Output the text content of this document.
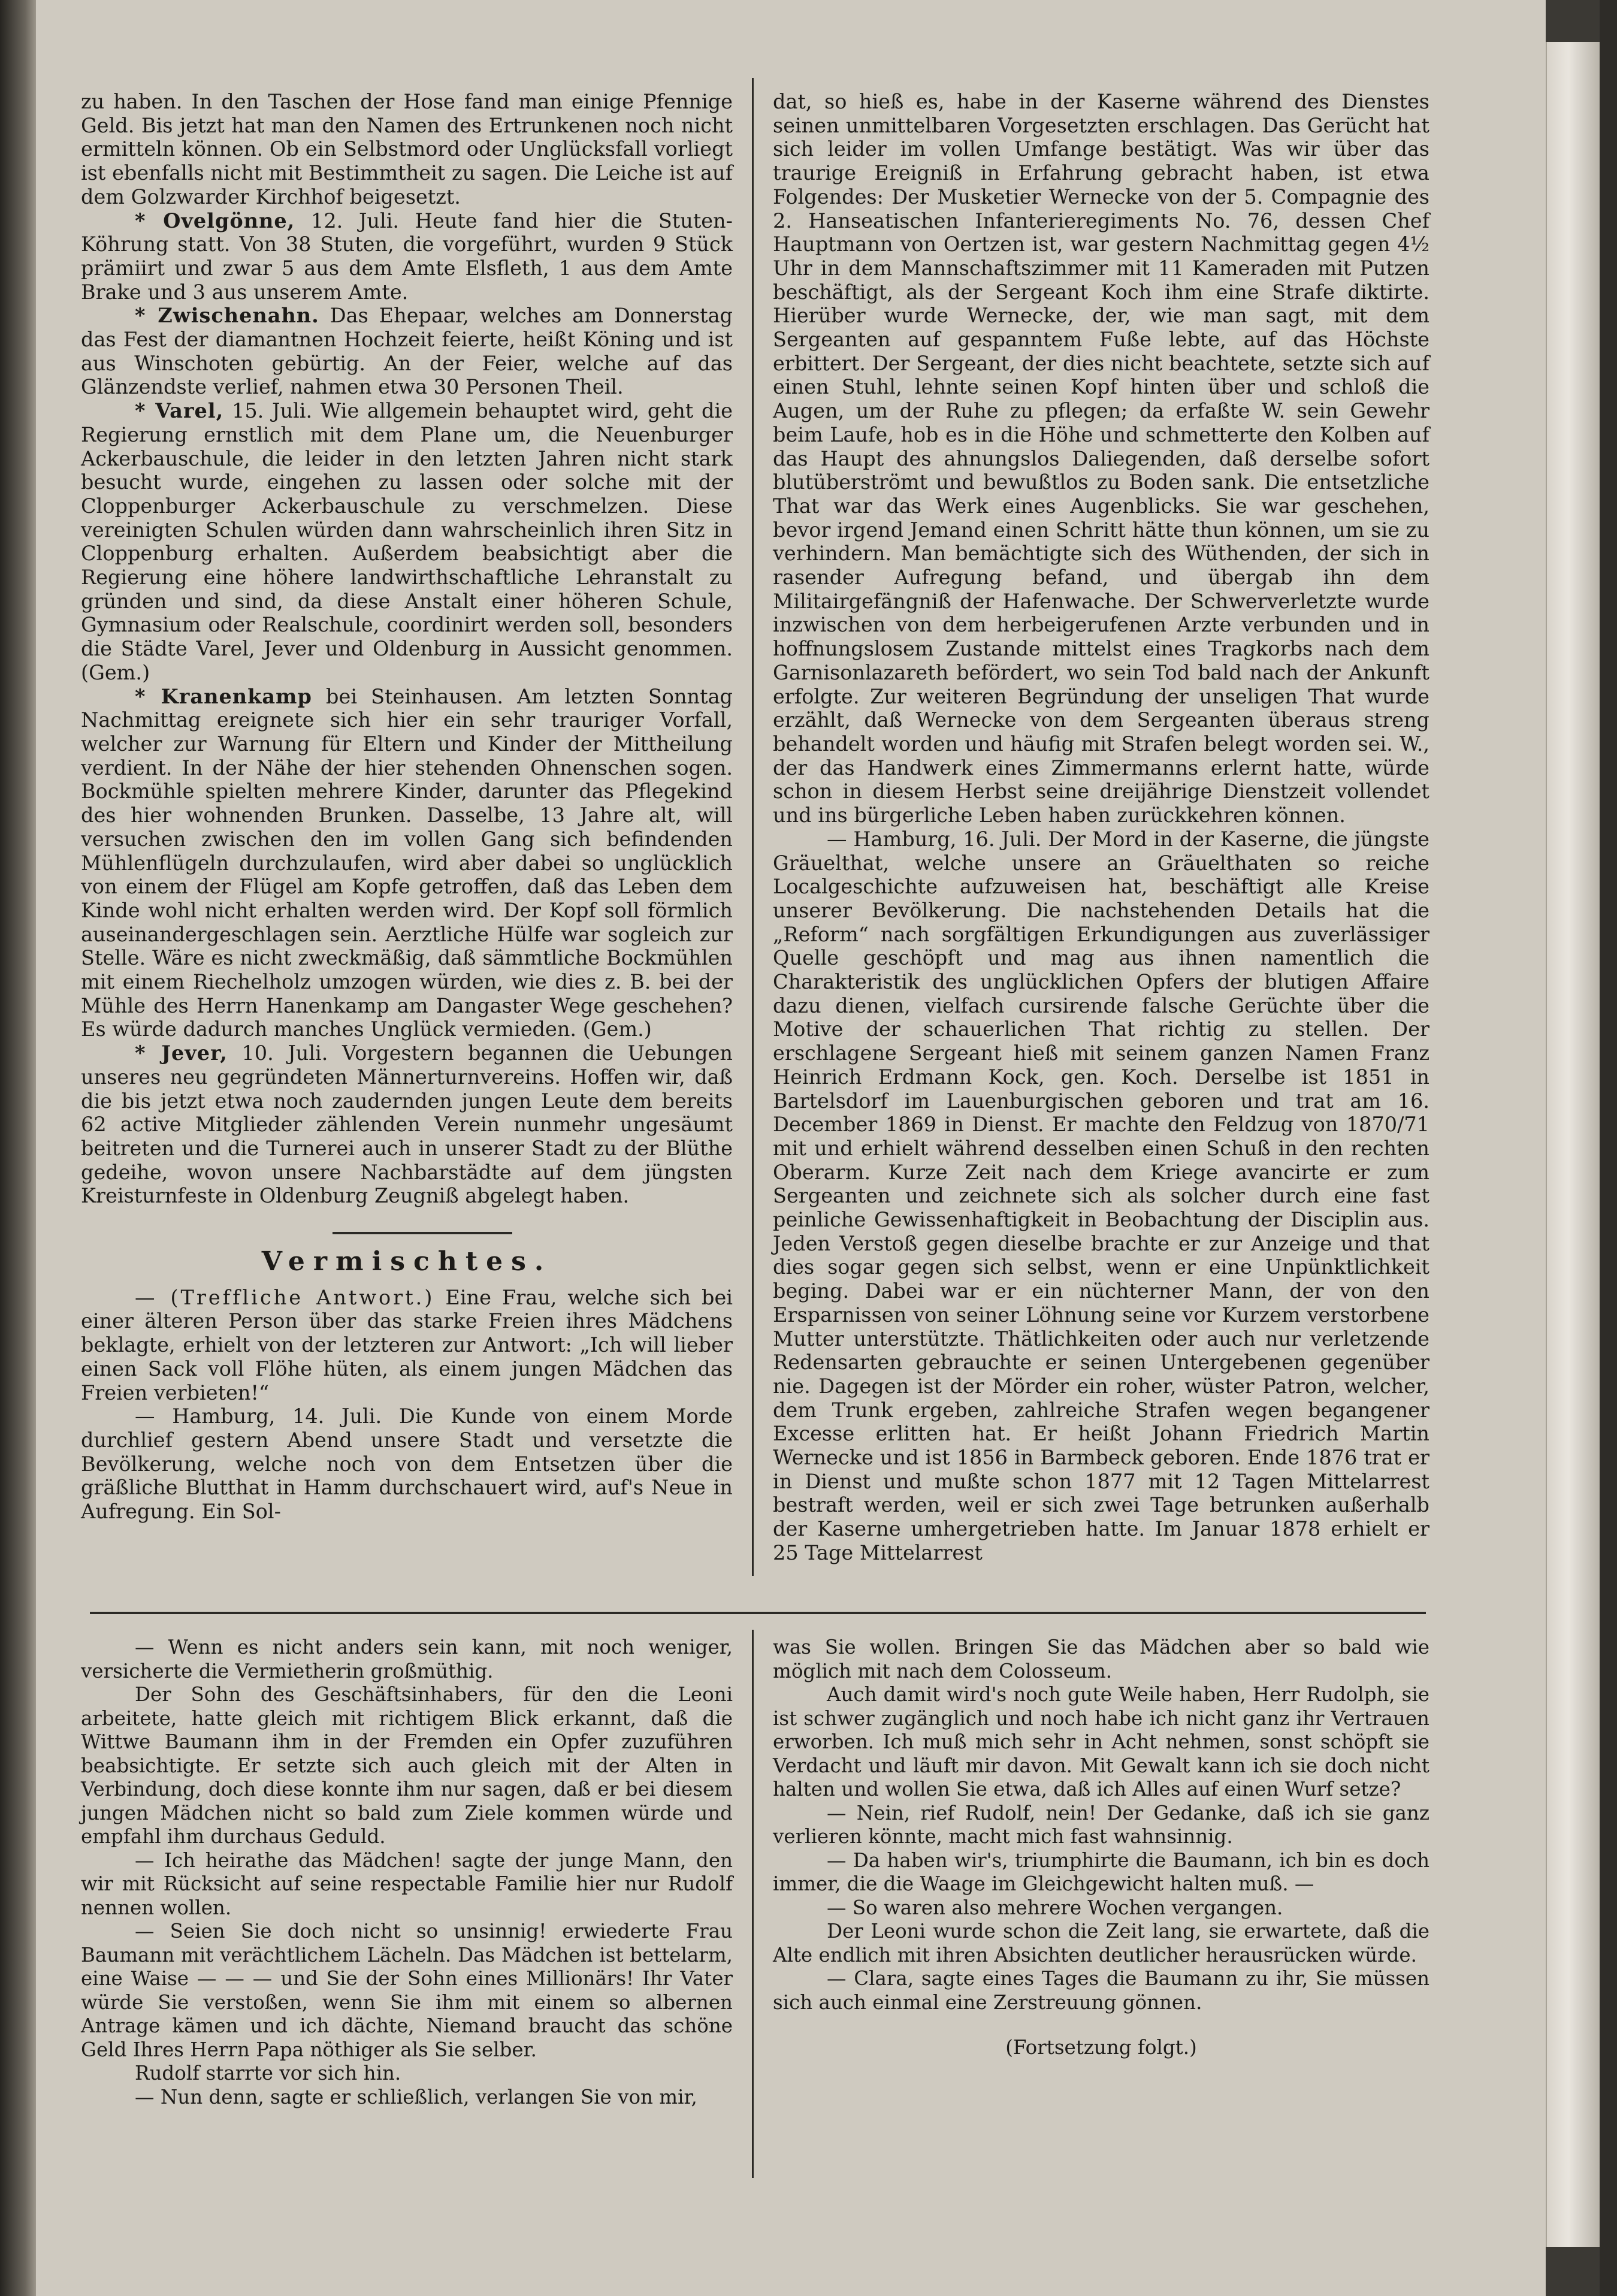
zu haben. In den Taschen der Hose fand man einige Pfennige Geld. Bis jetzt hat man den Namen des Ertrunkenen noch nicht ermitteln können. Ob ein Selbstmord oder Unglücksfall vorliegt ist ebenfalls nicht mit Bestimmtheit zu sagen. Die Leiche ist auf dem Golzwarder Kirchhof beigesetzt.

* Ovelgönne, 12. Juli. Heute fand hier die Stuten-Köhrung statt. Von 38 Stuten, die vorgeführt, wurden 9 Stück prämiirt und zwar 5 aus dem Amte Elsfleth, 1 aus dem Amte Brake und 3 aus unserem Amte.

* Zwischenahn. Das Ehepaar, welches am Donnerstag das Fest der diamantnen Hochzeit feierte, heißt Köning und ist aus Winschoten gebürtig. An der Feier, welche auf das Glänzendste verlief, nahmen etwa 30 Personen Theil.

* Varel, 15. Juli. Wie allgemein behauptet wird, geht die Regierung ernstlich mit dem Plane um, die Neuenburger Ackerbauschule, die leider in den letzten Jahren nicht stark besucht wurde, eingehen zu lassen oder solche mit der Cloppenburger Ackerbauschule zu verschmelzen. Diese vereinigten Schulen würden dann wahrscheinlich ihren Sitz in Cloppenburg erhalten. Außerdem beabsichtigt aber die Regierung eine höhere landwirthschaftliche Lehranstalt zu gründen und sind, da diese Anstalt einer höheren Schule, Gymnasium oder Realschule, coordinirt werden soll, besonders die Städte Varel, Jever und Oldenburg in Aussicht genommen. (Gem.)

* Kranenkamp bei Steinhausen. Am letzten Sonntag Nachmittag ereignete sich hier ein sehr trauriger Vorfall, welcher zur Warnung für Eltern und Kinder der Mittheilung verdient. In der Nähe der hier stehenden Ohnenschen sogen. Bockmühle spielten mehrere Kinder, darunter das Pflegekind des hier wohnenden Brunken. Dasselbe, 13 Jahre alt, will versuchen zwischen den im vollen Gang sich befindenden Mühlenflügeln durchzulaufen, wird aber dabei so unglücklich von einem der Flügel am Kopfe getroffen, daß das Leben dem Kinde wohl nicht erhalten werden wird. Der Kopf soll förmlich auseinandergeschlagen sein. Aerztliche Hülfe war sogleich zur Stelle. Wäre es nicht zweckmäßig, daß sämmtliche Bockmühlen mit einem Riechelholz umzogen würden, wie dies z. B. bei der Mühle des Herrn Hanenkamp am Dangaster Wege geschehen? Es würde dadurch manches Unglück vermieden. (Gem.)

* Jever, 10. Juli. Vorgestern begannen die Uebungen unseres neu gegründeten Männerturnvereins. Hoffen wir, daß die bis jetzt etwa noch zaudernden jungen Leute dem bereits 62 active Mitglieder zählenden Verein nunmehr ungesäumt beitreten und die Turnerei auch in unserer Stadt zu der Blüthe gedeihe, wovon unsere Nachbarstädte auf dem jüngsten Kreisturnfeste in Oldenburg Zeugniß abgelegt haben.

Vermischtes.

— (Treffliche Antwort.) Eine Frau, welche sich bei einer älteren Person über das starke Freien ihres Mädchens beklagte, erhielt von der letzteren zur Antwort: „Ich will lieber einen Sack voll Flöhe hüten, als einem jungen Mädchen das Freien verbieten!“

— Hamburg, 14. Juli. Die Kunde von einem Morde durchlief gestern Abend unsere Stadt und versetzte die Bevölkerung, welche noch von dem Entsetzen über die gräßliche Blutthat in Hamm durchschauert wird, auf's Neue in Aufregung. Ein Sol-

dat, so hieß es, habe in der Kaserne während des Dienstes seinen unmittelbaren Vorgesetzten erschlagen. Das Gerücht hat sich leider im vollen Umfange bestätigt. Was wir über das traurige Ereigniß in Erfahrung gebracht haben, ist etwa Folgendes: Der Musketier Wernecke von der 5. Compagnie des 2. Hanseatischen Infanterieregiments No. 76, dessen Chef Hauptmann von Oertzen ist, war gestern Nachmittag gegen 4½ Uhr in dem Mannschaftszimmer mit 11 Kameraden mit Putzen beschäftigt, als der Sergeant Koch ihm eine Strafe diktirte. Hierüber wurde Wernecke, der, wie man sagt, mit dem Sergeanten auf gespanntem Fuße lebte, auf das Höchste erbittert. Der Sergeant, der dies nicht beachtete, setzte sich auf einen Stuhl, lehnte seinen Kopf hinten über und schloß die Augen, um der Ruhe zu pflegen; da erfaßte W. sein Gewehr beim Laufe, hob es in die Höhe und schmetterte den Kolben auf das Haupt des ahnungslos Daliegenden, daß derselbe sofort blutüberströmt und bewußtlos zu Boden sank. Die entsetzliche That war das Werk eines Augenblicks. Sie war geschehen, bevor irgend Jemand einen Schritt hätte thun können, um sie zu verhindern. Man bemächtigte sich des Wüthenden, der sich in rasender Aufregung befand, und übergab ihn dem Militairgefängniß der Hafenwache. Der Schwerverletzte wurde inzwischen von dem herbeigerufenen Arzte verbunden und in hoffnungslosem Zustande mittelst eines Tragkorbs nach dem Garnisonlazareth befördert, wo sein Tod bald nach der Ankunft erfolgte. Zur weiteren Begründung der unseligen That wurde erzählt, daß Wernecke von dem Sergeanten überaus streng behandelt worden und häufig mit Strafen belegt worden sei. W., der das Handwerk eines Zimmermanns erlernt hatte, würde schon in diesem Herbst seine dreijährige Dienstzeit vollendet und ins bürgerliche Leben haben zurückkehren können.

— Hamburg, 16. Juli. Der Mord in der Kaserne, die jüngste Gräuelthat, welche unsere an Gräuelthaten so reiche Localgeschichte aufzuweisen hat, beschäftigt alle Kreise unserer Bevölkerung. Die nachstehenden Details hat die „Reform“ nach sorgfältigen Erkundigungen aus zuverlässiger Quelle geschöpft und mag aus ihnen namentlich die Charakteristik des unglücklichen Opfers der blutigen Affaire dazu dienen, vielfach cursirende falsche Gerüchte über die Motive der schauerlichen That richtig zu stellen. Der erschlagene Sergeant hieß mit seinem ganzen Namen Franz Heinrich Erdmann Kock, gen. Koch. Derselbe ist 1851 in Bartelsdorf im Lauenburgischen geboren und trat am 16. December 1869 in Dienst. Er machte den Feldzug von 1870/71 mit und erhielt während desselben einen Schuß in den rechten Oberarm. Kurze Zeit nach dem Kriege avancirte er zum Sergeanten und zeichnete sich als solcher durch eine fast peinliche Gewissenhaftigkeit in Beobachtung der Disciplin aus. Jeden Verstoß gegen dieselbe brachte er zur Anzeige und that dies sogar gegen sich selbst, wenn er eine Unpünktlichkeit beging. Dabei war er ein nüchterner Mann, der von den Ersparnissen von seiner Löhnung seine vor Kurzem verstorbene Mutter unterstützte. Thätlichkeiten oder auch nur verletzende Redensarten gebrauchte er seinen Untergebenen gegenüber nie. Dagegen ist der Mörder ein roher, wüster Patron, welcher, dem Trunk ergeben, zahlreiche Strafen wegen begangener Excesse erlitten hat. Er heißt Johann Friedrich Martin Wernecke und ist 1856 in Barmbeck geboren. Ende 1876 trat er in Dienst und mußte schon 1877 mit 12 Tagen Mittelarrest bestraft werden, weil er sich zwei Tage betrunken außerhalb der Kaserne umhergetrieben hatte. Im Januar 1878 erhielt er 25 Tage Mittelarrest

— Wenn es nicht anders sein kann, mit noch weniger, versicherte die Vermietherin großmüthig.

Der Sohn des Geschäftsinhabers, für den die Leoni arbeitete, hatte gleich mit richtigem Blick erkannt, daß die Wittwe Baumann ihm in der Fremden ein Opfer zuzuführen beabsichtigte. Er setzte sich auch gleich mit der Alten in Verbindung, doch diese konnte ihm nur sagen, daß er bei diesem jungen Mädchen nicht so bald zum Ziele kommen würde und empfahl ihm durchaus Geduld.

— Ich heirathe das Mädchen! sagte der junge Mann, den wir mit Rücksicht auf seine respectable Familie hier nur Rudolf nennen wollen.

— Seien Sie doch nicht so unsinnig! erwiederte Frau Baumann mit verächtlichem Lächeln. Das Mädchen ist bettelarm, eine Waise — — — und Sie der Sohn eines Millionärs! Ihr Vater würde Sie verstoßen, wenn Sie ihm mit einem so albernen Antrage kämen und ich dächte, Niemand braucht das schöne Geld Ihres Herrn Papa nöthiger als Sie selber.

Rudolf starrte vor sich hin.

— Nun denn, sagte er schließlich, verlangen Sie von mir,

was Sie wollen. Bringen Sie das Mädchen aber so bald wie möglich mit nach dem Colosseum.

Auch damit wird's noch gute Weile haben, Herr Rudolph, sie ist schwer zugänglich und noch habe ich nicht ganz ihr Vertrauen erworben. Ich muß mich sehr in Acht nehmen, sonst schöpft sie Verdacht und läuft mir davon. Mit Gewalt kann ich sie doch nicht halten und wollen Sie etwa, daß ich Alles auf einen Wurf setze?

— Nein, rief Rudolf, nein! Der Gedanke, daß ich sie ganz verlieren könnte, macht mich fast wahnsinnig.

— Da haben wir's, triumphirte die Baumann, ich bin es doch immer, die die Waage im Gleichgewicht halten muß. —

— So waren also mehrere Wochen vergangen.

Der Leoni wurde schon die Zeit lang, sie erwartete, daß die Alte endlich mit ihren Absichten deutlicher herausrücken würde.

— Clara, sagte eines Tages die Baumann zu ihr, Sie müssen sich auch einmal eine Zerstreuung gönnen.

(Fortsetzung folgt.)
